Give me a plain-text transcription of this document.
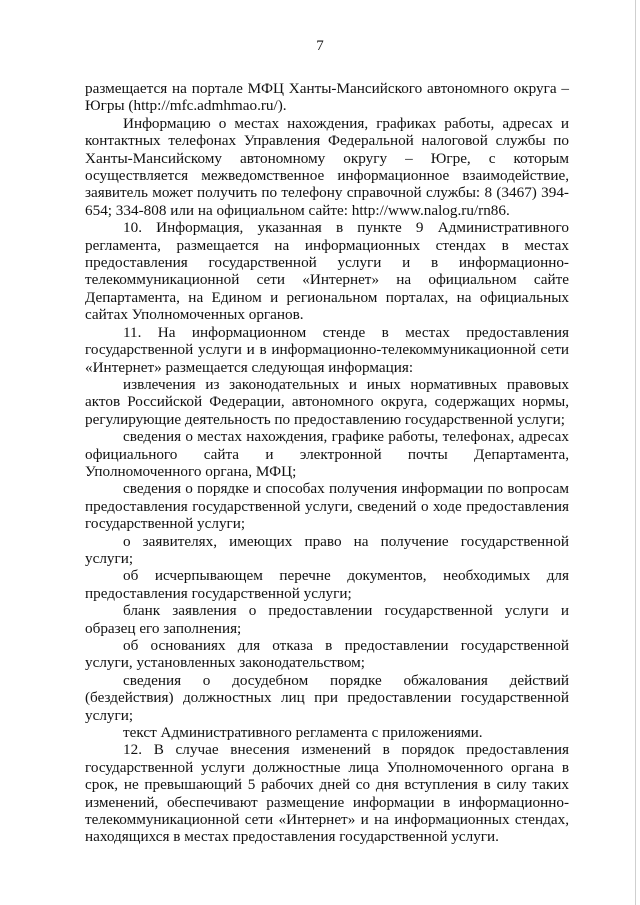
7

размещается на портале МФЦ Ханты-Мансийского автономного округа – Югры (http://mfc.admhmao.ru/).

Информацию о местах нахождения, графиках работы, адресах и контактных телефонах Управления Федеральной налоговой службы по Ханты-Мансийскому автономному округу – Югре, с которым осуществляется межведомственное информационное взаимодействие, заявитель может получить по телефону справочной службы: 8 (3467) 394-654; 334-808 или на официальном сайте: http://www.nalog.ru/rn86.

10. Информация, указанная в пункте 9 Административного регламента, размещается на информационных стендах в местах предоставления государственной услуги и в информационно-телекоммуникационной сети «Интернет» на официальном сайте Департамента, на Едином и региональном порталах, на официальных сайтах Уполномоченных органов.

11. На информационном стенде в местах предоставления государственной услуги и в информационно-телекоммуникационной сети «Интернет» размещается следующая информация:

извлечения из законодательных и иных нормативных правовых актов Российской Федерации, автономного округа, содержащих нормы, регулирующие деятельность по предоставлению государственной услуги;

сведения о местах нахождения, графике работы, телефонах, адресах официального сайта и электронной почты Департамента, Уполномоченного органа, МФЦ;

сведения о порядке и способах получения информации по вопросам предоставления государственной услуги, сведений о ходе предоставления государственной услуги;

о заявителях, имеющих право на получение государственной услуги;

об исчерпывающем перечне документов, необходимых для предоставления государственной услуги;

бланк заявления о предоставлении государственной услуги и образец его заполнения;

об основаниях для отказа в предоставлении государственной услуги, установленных законодательством;

сведения о досудебном порядке обжалования действий (бездействия) должностных лиц при предоставлении государственной услуги;

текст Административного регламента с приложениями.

12. В случае внесения изменений в порядок предоставления государственной услуги должностные лица Уполномоченного органа в срок, не превышающий 5 рабочих дней со дня вступления в силу таких изменений, обеспечивают размещение информации в информационно-телекоммуникационной сети «Интернет» и на информационных стендах, находящихся в местах предоставления государственной услуги.
